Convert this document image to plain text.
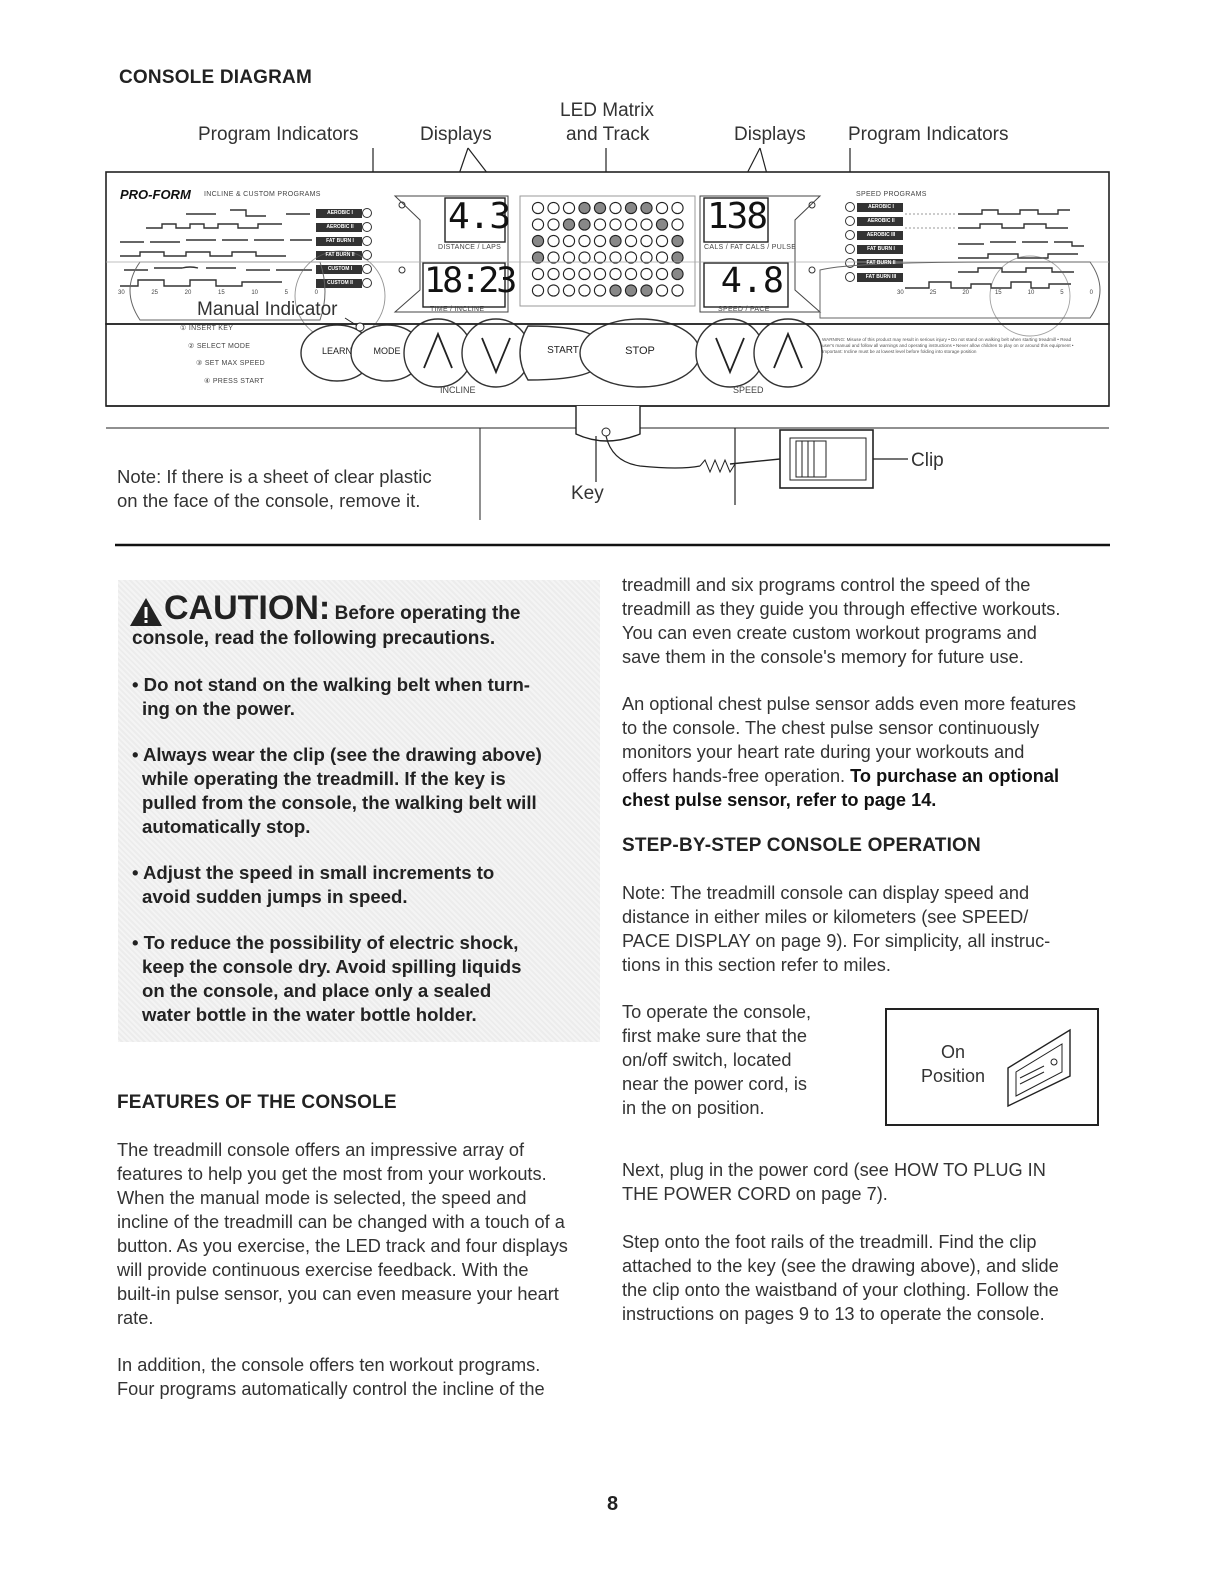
CONSOLE DIAGRAM
Program Indicators	Displays
LED Matrix
and Track	Displays Program Indicators
PRO-FORM INCLINE & CUSTOM PROGRAMS	SPEED PROGRAMS
AEROBIC I
AEROBIC II
FAT BURN I
FAT BURN II
CUSTOM I
CUSTOM II
AEROBIC I
AEROBIC II
AEROBIC III
FAT BURN I
FAT BURN II
FAT BURN III
30	25	20	15	10	5	0	30	25	20	15	10	5	0
Manual Indicator
4.3
18:23
138
4.8
DISTANCE / LAPS
TIME / INCLINE
CALS / FAT CALS / PULSE
SPEED / PACE
① INSERT KEY
② SELECT MODE
③ SET MAX SPEED
④ PRESS START
LEARN	MODE	START	STOP
INCLINE	SPEED
WARNING: Misuse of this product may result in serious injury • Do not stand on walking belt when starting treadmill • Read user's manual and follow all warnings and operating instructions • Never allow children to play on or around this equipment • Important: Incline must be at lowest level before folding into storage position
Note: If there is a sheet of clear plastic
on the face of the console, remove it.	Key
Clip
CAUTION: Before operating the
console, read the following precautions.
• Do not stand on the walking belt when turn-
ing on the power.
• Always wear the clip (see the drawing above)
while operating the treadmill. If the key is
pulled from the console, the walking belt will
automatically stop.
• Adjust the speed in small increments to
avoid sudden jumps in speed.
• To reduce the possibility of electric shock,
keep the console dry. Avoid spilling liquids
on the console, and place only a sealed
water bottle in the water bottle holder.
FEATURES OF THE CONSOLE
The treadmill console offers an impressive array of
features to help you get the most from your workouts.
When the manual mode is selected, the speed and
incline of the treadmill can be changed with a touch of a
button. As you exercise, the LED track and four displays
will provide continuous exercise feedback. With the
built-in pulse sensor, you can even measure your heart
rate.
In addition, the console offers ten workout programs.
Four programs automatically control the incline of the
treadmill and six programs control the speed of the
treadmill as they guide you through effective workouts.
You can even create custom workout programs and
save them in the console's memory for future use.
An optional chest pulse sensor adds even more features
to the console. The chest pulse sensor continuously
monitors your heart rate during your workouts and
offers hands-free operation. To purchase an optional
chest pulse sensor, refer to page 14.
STEP-BY-STEP CONSOLE OPERATION
Note: The treadmill console can display speed and
distance in either miles or kilometers (see SPEED/
PACE DISPLAY on page 9). For simplicity, all instruc-
tions in this section refer to miles.
To operate the console,
first make sure that the
on/off switch, located
near the power cord, is
in the on position.
On
Position
Next, plug in the power cord (see HOW TO PLUG IN
THE POWER CORD on page 7).
Step onto the foot rails of the treadmill. Find the clip
attached to the key (see the drawing above), and slide
the clip onto the waistband of your clothing. Follow the
instructions on pages 9 to 13 to operate the console.
8
